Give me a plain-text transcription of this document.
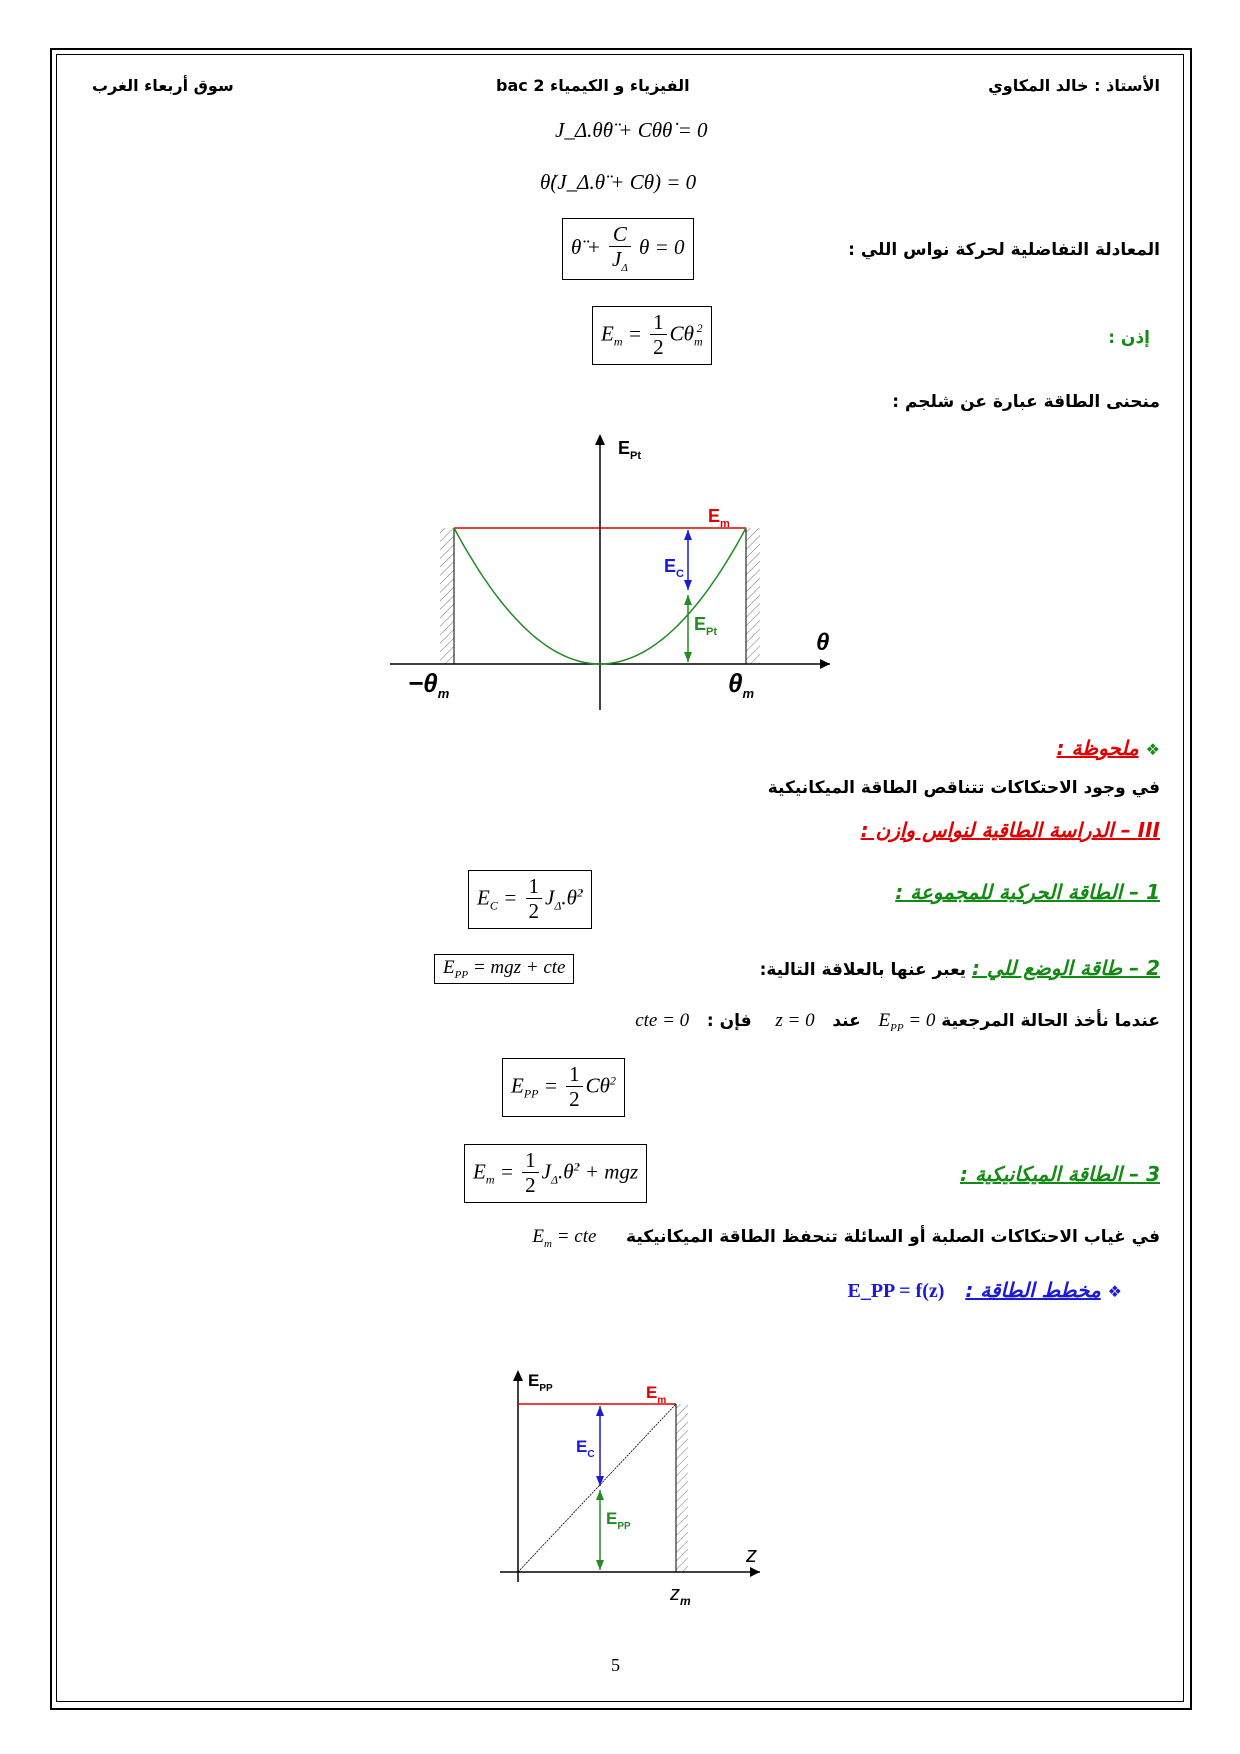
الأستاذ : خالد المكاوي
الفيزياء و الكيمياء 2 bac
سوق أربعاء الغرب
J_Δ.θ̇θ̈ + Cθθ̇ = 0
θ̇(J_Δ.θ̈ + Cθ) = 0
المعادلة التفاضلية لحركة نواس اللي :
θ̈ + $\frac{C}{J_\Delta}$ θ = 0
إذن :
$E_m = \frac{1}{2} C\theta_m^2$
منحنى الطاقة عبارة عن شلجم :
$E_{Pt}$
$E_m$
$E_C$
$E_{Pt}$	θ
$-\theta_m$	$\theta_m$
❖ ملحوظة :
في وجود الاحتكاكات تتناقص الطاقة الميكانيكية
III – الدراسة الطاقية لنواس وازن :
1 – الطاقة الحركية للمجموعة :
$E_C = \frac{1}{2}$ $J_\Delta.\thetȧ^2$
2 – طاقة الوضع للي : يعبر عنها بالعلاقة التالية:
$E_{PP}$ = mgz + cte
عندما نأخذ الحالة المرجعية $E_{PP} = 0$   عند   z = 0    فإن :   cte = 0
$E_{PP} = \frac{1}{2} C\theta^2$
3 – الطاقة الميكانيكية :
$E_m = \frac{1}{2}$ $J_\Delta.\thetȧ^2$ + mgz
في غياب الاحتكاكات الصلبة أو السائلة تنحفظ الطاقة الميكانيكية     $E_m$ = cte
❖ مخطط الطاقة :   E_PP = f(z)
$E_{PP}$	$E_m$
$E_C$
$E_{PP}$
z
$z_m$
5
